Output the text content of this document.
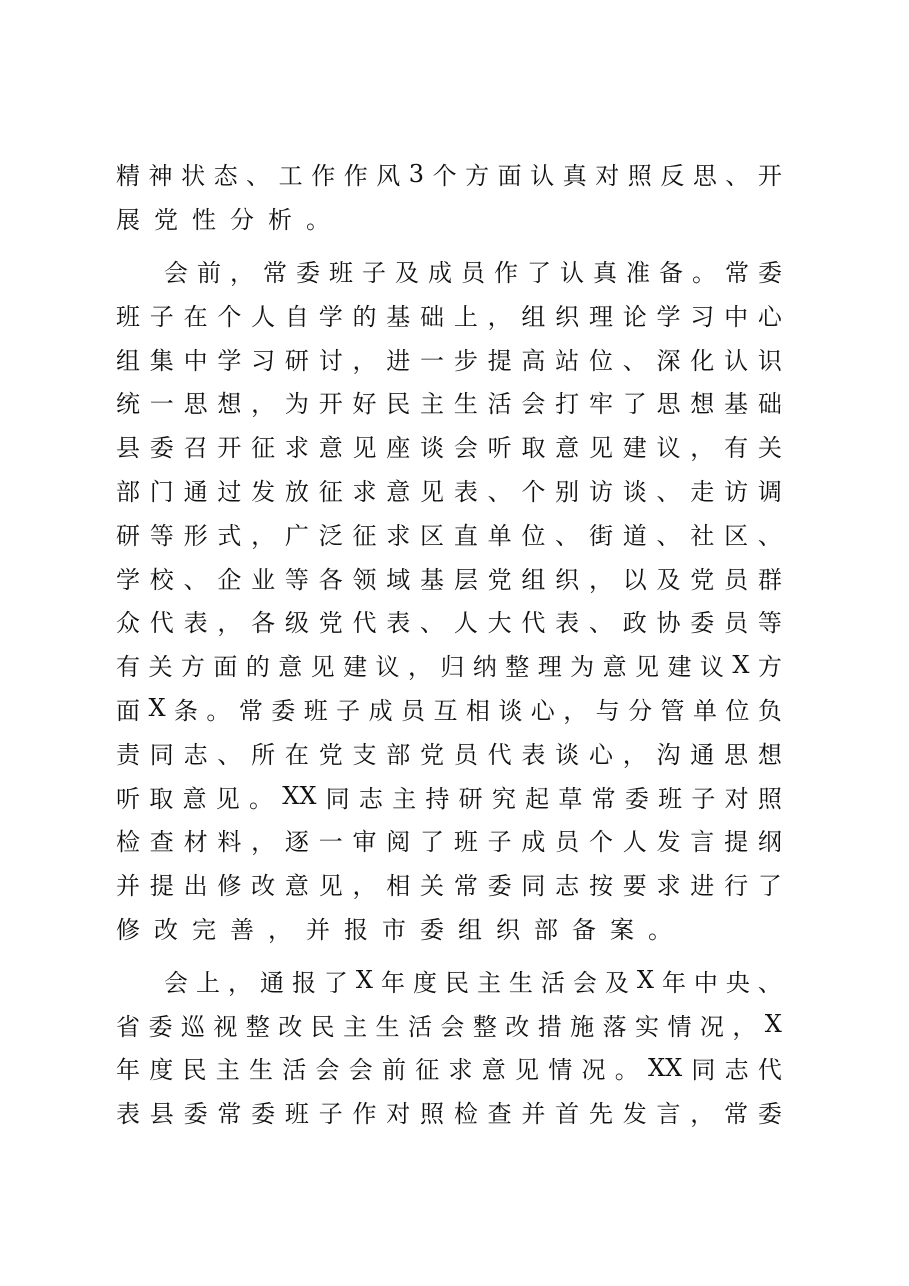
精 神 状 态 、 工 作 作 风 3 个 方 面 认 真 对 照 反 思 、 开
展 党 性 分 析 。
会 前 ， 常 委 班 子 及 成 员 作 了 认 真 准 备 。 常 委
班 子 在 个 人 自 学 的 基 础 上 ， 组 织 理 论 学 习 中 心
组 集 中 学 习 研 讨 ， 进 一 步 提 高 站 位 、 深 化 认 识
统 一 思 想 ， 为 开 好 民 主 生 活 会 打 牢 了 思 想 基 础
县 委 召 开 征 求 意 见 座 谈 会 听 取 意 见 建 议 ， 有 关
部 门 通 过 发 放 征 求 意 见 表 、 个 别 访 谈 、 走 访 调
研 等 形 式 ， 广 泛 征 求 区 直 单 位 、 街 道 、 社 区 、
学 校 、 企 业 等 各 领 域 基 层 党 组 织 ， 以 及 党 员 群
众 代 表 ， 各 级 党 代 表 、 人 大 代 表 、 政 协 委 员 等
有 关 方 面 的 意 见 建 议 ， 归 纳 整 理 为 意 见 建 议 X 方
面 X 条 。 常 委 班 子 成 员 互 相 谈 心 ， 与 分 管 单 位 负
责 同 志 、 所 在 党 支 部 党 员 代 表 谈 心 ， 沟 通 思 想
听 取 意 见 。 XX 同 志 主 持 研 究 起 草 常 委 班 子 对 照
检 查 材 料 ， 逐 一 审 阅 了 班 子 成 员 个 人 发 言 提 纲
并 提 出 修 改 意 见 ， 相 关 常 委 同 志 按 要 求 进 行 了
修 改 完 善 ， 并 报 市 委 组 织 部 备 案 。
会 上 ， 通 报 了 X 年 度 民 主 生 活 会 及 X 年 中 央 、
省 委 巡 视 整 改 民 主 生 活 会 整 改 措 施 落 实 情 况 ， X
年 度 民 主 生 活 会 会 前 征 求 意 见 情 况 。 XX 同 志 代
表 县 委 常 委 班 子 作 对 照 检 查 并 首 先 发 言 ， 常 委
